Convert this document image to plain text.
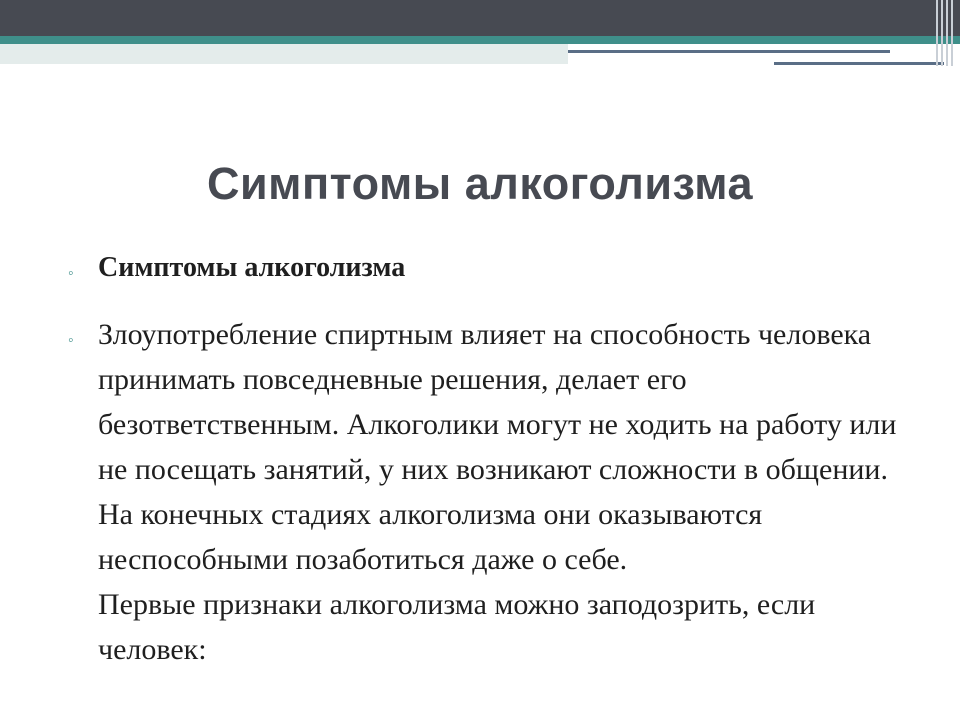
Симптомы алкоголизма
◦ Симптомы алкоголизма
◦ Злоупотребление спиртным влияет на способность человека принимать повседневные решения, делает его безответственным. Алкоголики могут не ходить на работу или не посещать занятий, у них возникают сложности в общении. На конечных стадиях алкоголизма они оказываются неспособными позаботиться даже о себе.

Первые признаки алкоголизма можно заподозрить, если человек:
